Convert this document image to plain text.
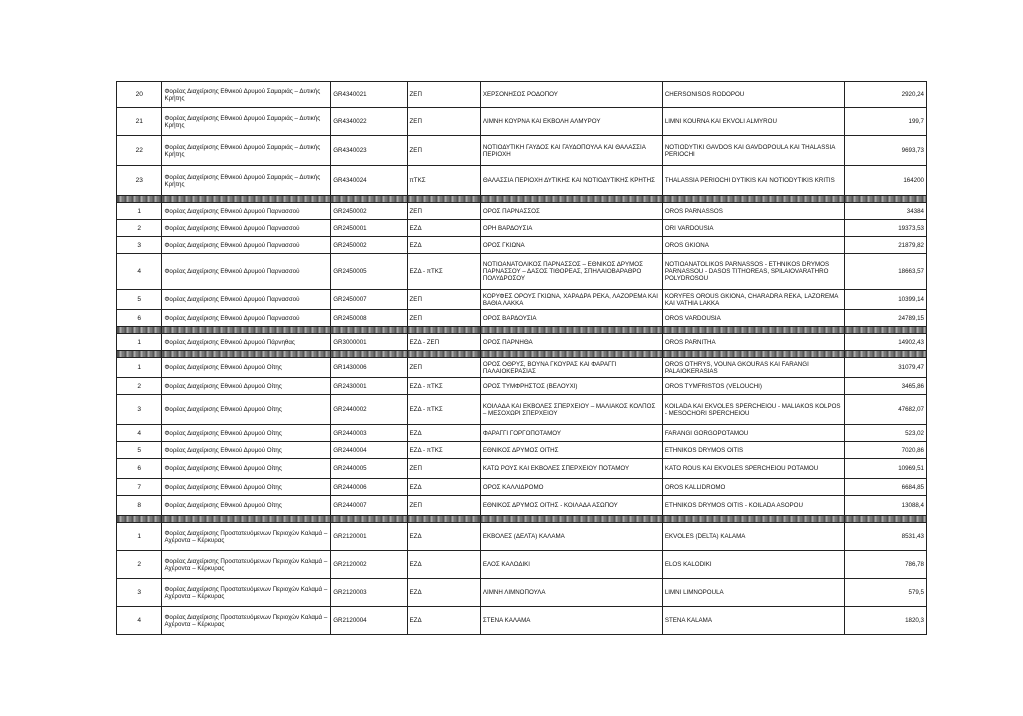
20	Φορέας Διαχείρισης Εθνικού Δρυμού Σαμαριάς – Δυτικής Κρήτης	GR4340021	ΖΕΠ	ΧΕΡΣΟΝΗΣΟΣ ΡΟΔΟΠΟΥ	CHERSONISOS RODOPOU	2920,24
21	Φορέας Διαχείρισης Εθνικού Δρυμού Σαμαριάς – Δυτικής Κρήτης	GR4340022	ΖΕΠ	ΛΙΜΝΗ ΚΟΥΡΝΑ ΚΑΙ ΕΚΒΟΛΗ ΑΛΜΥΡΟΥ	LIMNI KOURNA KAI EKVOLI ALMYROU	199,7
22	Φορέας Διαχείρισης Εθνικού Δρυμού Σαμαριάς – Δυτικής Κρήτης	GR4340023	ΖΕΠ	ΝΟΤΙΟΔΥΤΙΚΗ ΓΑΥΔΟΣ ΚΑΙ ΓΑΥΔΟΠΟΥΛΑ ΚΑΙ ΘΑΛΑΣΣΙΑ ΠΕΡΙΟΧΗ	NOTIODYTIKI GAVDOS KAI GAVDOPOULA KAI THALASSIA PERIOCHI	9693,73
23	Φορέας Διαχείρισης Εθνικού Δρυμού Σαμαριάς – Δυτικής Κρήτης	GR4340024	πΤΚΣ	ΘΑΛΑΣΣΙΑ ΠΕΡΙΟΧΗ ΔΥΤΙΚΗΣ ΚΑΙ ΝΟΤΙΟΔΥΤΙΚΗΣ ΚΡΗΤΗΣ	THALASSIA PERIOCHI DYTIKIS KAI NOTIODYTIKIS KRITIS	164200

1	Φορέας Διαχείρισης Εθνικού Δρυμού Παρνασσού	GR2450002	ΖΕΠ	ΟΡΟΣ ΠΑΡΝΑΣΣΟΣ	OROS PARNASSOS	34384
2	Φορέας Διαχείρισης Εθνικού Δρυμού Παρνασσού	GR2450001	ΕΖΔ	ΟΡΗ ΒΑΡΔΟΥΣΙΑ	ORI VARDOUSIA	19373,53
3	Φορέας Διαχείρισης Εθνικού Δρυμού Παρνασσού	GR2450002	ΕΖΔ	ΟΡΟΣ ΓΚΙΩΝΑ	OROS GKIONA	21879,82
4	Φορέας Διαχείρισης Εθνικού Δρυμού Παρνασσού	GR2450005	ΕΖΔ - πΤΚΣ	ΝΟΤΙΟΑΝΑΤΟΛΙΚΟΣ ΠΑΡΝΑΣΣΟΣ – ΕΘΝΙΚΟΣ ΔΡΥΜΟΣ ΠΑΡΝΑΣΣΟΥ – ΔΑΣΟΣ ΤΙΘΟΡΕΑΣ, ΣΠΗΛΑΙΟΒΑΡΑΘΡΟ ΠΟΛΥΔΡΟΣΟΥ	NOTIOANATOLIKOS PARNASSOS - ETHNIKOS DRYMOS PARNASSOU - DASOS TITHOREAS, SPILAIOVARATHRO POLYDROSOU	18663,57
5	Φορέας Διαχείρισης Εθνικού Δρυμού Παρνασσού	GR2450007	ΖΕΠ	ΚΟΡΥΦΕΣ ΟΡΟΥΣ ΓΚΙΩΝΑ, ΧΑΡΑΔΡΑ ΡΕΚΑ, ΛΑΖΟΡΕΜΑ ΚΑΙ ΒΑΘΙΑ ΛΑΚΚΑ	KORYFES OROUS GKIONA, CHARADRA REKA, LAZOREMA KAI VATHIA LAKKA	10399,14
6	Φορέας Διαχείρισης Εθνικού Δρυμού Παρνασσού	GR2450008	ΖΕΠ	ΟΡΟΣ ΒΑΡΔΟΥΣΙΑ	OROS VARDOUSIA	24789,15

1	Φορέας Διαχείρισης Εθνικού Δρυμού Πάρνηθας	GR3000001	ΕΖΔ - ΖΕΠ	ΟΡΟΣ ΠΑΡΝΗΘΑ	OROS PARNITHA	14902,43

1	Φορέας Διαχείρισης Εθνικού Δρυμού Οίτης	GR1430006	ΖΕΠ	ΟΡΟΣ ΟΘΡΥΣ, ΒΟΥΝΑ ΓΚΟΥΡΑΣ ΚΑΙ ΦΑΡΑΓΓΙ ΠΑΛΑΙΟΚΕΡΑΣΙΑΣ	OROS OTHRYS, VOUNA GKOURAS KAI FARANGI PALAIOKERASIAS	31079,47
2	Φορέας Διαχείρισης Εθνικού Δρυμού Οίτης	GR2430001	ΕΖΔ - πΤΚΣ	ΟΡΟΣ ΤΥΜΦΡΗΣΤΟΣ (ΒΕΛΟΥΧΙ)	OROS TYMFRISTOS (VELOUCHI)	3465,86
3	Φορέας Διαχείρισης Εθνικού Δρυμού Οίτης	GR2440002	ΕΖΔ - πΤΚΣ	ΚΟΙΛΑΔΑ ΚΑΙ ΕΚΒΟΛΕΣ ΣΠΕΡΧΕΙΟΥ – ΜΑΛΙΑΚΟΣ ΚΟΛΠΟΣ – ΜΕΣΟΧΩΡΙ ΣΠΕΡΧΕΙΟΥ	KOILADA KAI EKVOLES SPERCHEIOU - MALIAKOS KOLPOS - MESOCHORI SPERCHEIOU	47682,07
4	Φορέας Διαχείρισης Εθνικού Δρυμού Οίτης	GR2440003	ΕΖΔ	ΦΑΡΑΓΓΙ ΓΟΡΓΟΠΟΤΑΜΟΥ	FARANGI GORGOPOTAMOU	523,02
5	Φορέας Διαχείρισης Εθνικού Δρυμού Οίτης	GR2440004	ΕΖΔ - πΤΚΣ	ΕΘΝΙΚΟΣ ΔΡΥΜΟΣ ΟΙΤΗΣ	ETHNIKOS DRYMOS OITIS	7020,86
6	Φορέας Διαχείρισης Εθνικού Δρυμού Οίτης	GR2440005	ΖΕΠ	ΚΑΤΩ ΡΟΥΣ ΚΑΙ ΕΚΒΟΛΕΣ ΣΠΕΡΧΕΙΟΥ ΠΟΤΑΜΟΥ	KATO ROUS KAI EKVOLES SPERCHEIOU POTAMOU	10969,51
7	Φορέας Διαχείρισης Εθνικού Δρυμού Οίτης	GR2440006	ΕΖΔ	ΟΡΟΣ ΚΑΛΛΙΔΡΟΜΟ	OROS KALLIDROMO	6684,85
8	Φορέας Διαχείρισης Εθνικού Δρυμού Οίτης	GR2440007	ΖΕΠ	ΕΘΝΙΚΟΣ ΔΡΥΜΟΣ ΟΙΤΗΣ - ΚΟΙΛΑΔΑ ΑΣΩΠΟΥ	ETHNIKOS DRYMOS OITIS - KOILADA ASOPOU	13088,4

1	Φορέας Διαχείρισης Προστατευόμενων Περιοχών Καλαμά – Αχέροντα – Κέρκυρας	GR2120001	ΕΖΔ	ΕΚΒΟΛΕΣ (ΔΕΛΤΑ) ΚΑΛΑΜΑ	EKVOLES (DELTA) KALAMA	8531,43
2	Φορέας Διαχείρισης Προστατευόμενων Περιοχών Καλαμά – Αχέροντα – Κέρκυρας	GR2120002	ΕΖΔ	ΕΛΟΣ ΚΑΛΟΔΙΚΙ	ELOS KALODIKI	786,78
3	Φορέας Διαχείρισης Προστατευόμενων Περιοχών Καλαμά – Αχέροντα – Κέρκυρας	GR2120003	ΕΖΔ	ΛΙΜΝΗ ΛΙΜΝΟΠΟΥΛΑ	LIMNI LIMNOPOULA	579,5
4	Φορέας Διαχείρισης Προστατευόμενων Περιοχών Καλαμά – Αχέροντα – Κέρκυρας	GR2120004	ΕΖΔ	ΣΤΕΝΑ ΚΑΛΑΜΑ	STENA KALAMA	1820,3
